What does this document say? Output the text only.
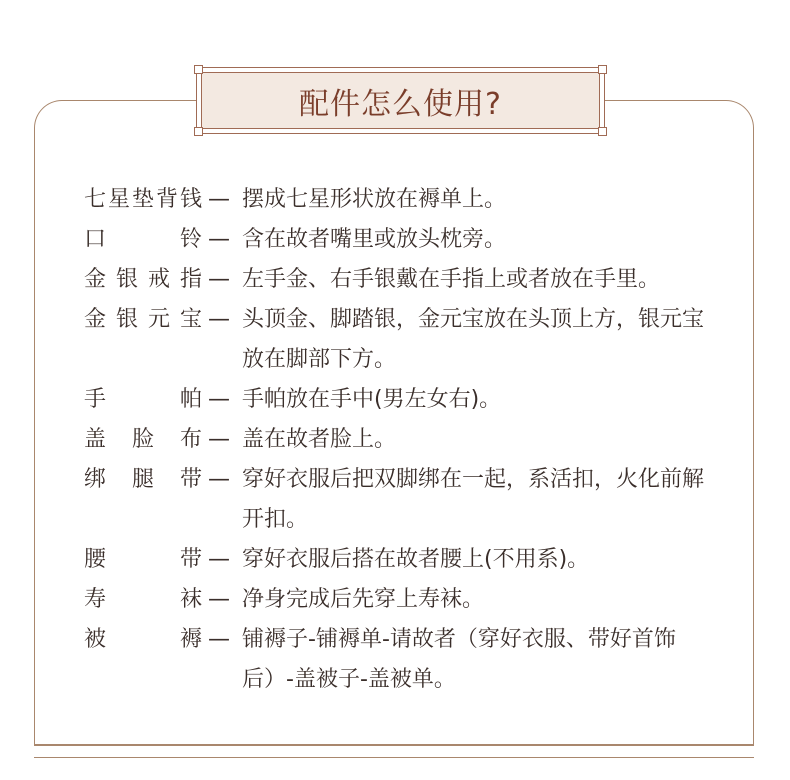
配件怎么使用?
七 星 垫 背 钱 — 摆成七星形状放在褥单上。
口	铃 — 含在故者嘴里或放头枕旁。
金 银 戒 指 — 左手金、右手银戴在手指上或者放在手里。
金 银 元 宝 — 头顶金、脚踏银，金元宝放在头顶上方，银元宝放在脚部下方。
手	帕 — 手帕放在手中(男左女右)。
盖 脸 布 — 盖在故者脸上。
绑 腿 带 — 穿好衣服后把双脚绑在一起，系活扣，火化前解开扣。
腰	带 — 穿好衣服后搭在故者腰上(不用系)。
寿	袜 — 净身完成后先穿上寿袜。
被	褥 — 铺褥子-铺褥单-请故者（穿好衣服、带好首饰后）-盖被子-盖被单。
